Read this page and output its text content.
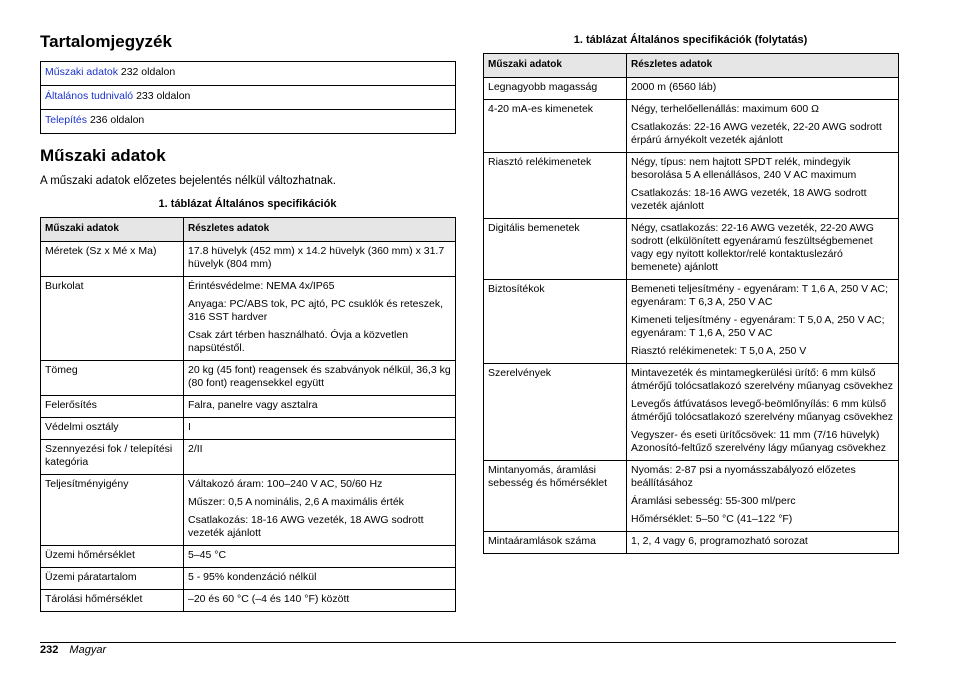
Tartalomjegyzék
Műszaki adatok 232 oldalon
Általános tudnivaló 233 oldalon
Telepítés 236 oldalon
Műszaki adatok
A műszaki adatok előzetes bejelentés nélkül változhatnak.
1. táblázat Általános specifikációk
Műszaki adatok	Részletes adatok
Méretek (Sz x Mé x Ma)	17.8 hüvelyk (452 mm) x 14.2 hüvelyk (360 mm) x 31.7 hüvelyk (804 mm)

Burkolat	Érintésvédelme: NEMA 4x/IP65

Anyaga: PC/ABS tok, PC ajtó, PC csuklók és reteszek, 316 SST hardver

Csak zárt térben használható. Óvja a közvetlen napsütéstől.

Tömeg	20 kg (45 font) reagensek és szabványok nélkül, 36,3 kg (80 font) reagensekkel együtt

Felerősítés	Falra, panelre vagy asztalra

Védelmi osztály	I

Szennyezési fok / telepítési kategória	2/II

Teljesítményigény	Váltakozó áram: 100–240 V AC, 50/60 Hz

Műszer: 0,5 A nominális, 2,6 A maximális érték

Csatlakozás: 18-16 AWG vezeték, 18 AWG sodrott vezeték ajánlott

Üzemi hőmérséklet	5–45 °C

Üzemi páratartalom	5 - 95% kondenzáció nélkül

Tárolási hőmérséklet	–20 és 60 °C (–4 és 140 °F) között

1. táblázat Általános specifikációk (folytatás)
Műszaki adatok	Részletes adatok
Legnagyobb magasság	2000 m (6560 láb)

4-20 mA-es kimenetek	Négy, terhelőellenállás: maximum 600 Ω

Csatlakozás: 22-16 AWG vezeték, 22-20 AWG sodrott érpárú árnyékolt vezeték ajánlott

Riasztó relékimenetek	Négy, típus: nem hajtott SPDT relék, mindegyik besorolása 5 A ellenállásos, 240 V AC maximum

Csatlakozás: 18-16 AWG vezeték, 18 AWG sodrott vezeték ajánlott

Digitális bemenetek	Négy, csatlakozás: 22-16 AWG vezeték, 22-20 AWG sodrott (elkülönített egyenáramú feszültségbemenet vagy egy nyitott kollektor/relé kontaktuslezáró bemenete) ajánlott

Biztosítékok	Bemeneti teljesítmény - egyenáram: T 1,6 A, 250 V AC; egyenáram: T 6,3 A, 250 V AC

Kimeneti teljesítmény - egyenáram: T 5,0 A, 250 V AC; egyenáram: T 1,6 A, 250 V AC

Riasztó relékimenetek: T 5,0 A, 250 V

Szerelvények	Mintavezeték és mintamegkerülési ürítő: 6 mm külső átmérőjű tolócsatlakozó szerelvény műanyag csövekhez

Levegős átfúvatásos levegő-beömlőnyílás: 6 mm külső átmérőjű tolócsatlakozó szerelvény műanyag csövekhez

Vegyszer- és eseti ürítőcsövek: 11 mm (7/16 hüvelyk) Azonosító-feltűző szerelvény lágy műanyag csövekhez

Mintanyomás, áramlási sebesség és hőmérséklet	Nyomás: 2-87 psi a nyomásszabályozó előzetes beállításához

Áramlási sebesség: 55-300 ml/perc

Hőmérséklet: 5–50 °C (41–122 °F)

Mintaáramlások száma	1, 2, 4 vagy 6, programozható sorozat

232 Magyar
